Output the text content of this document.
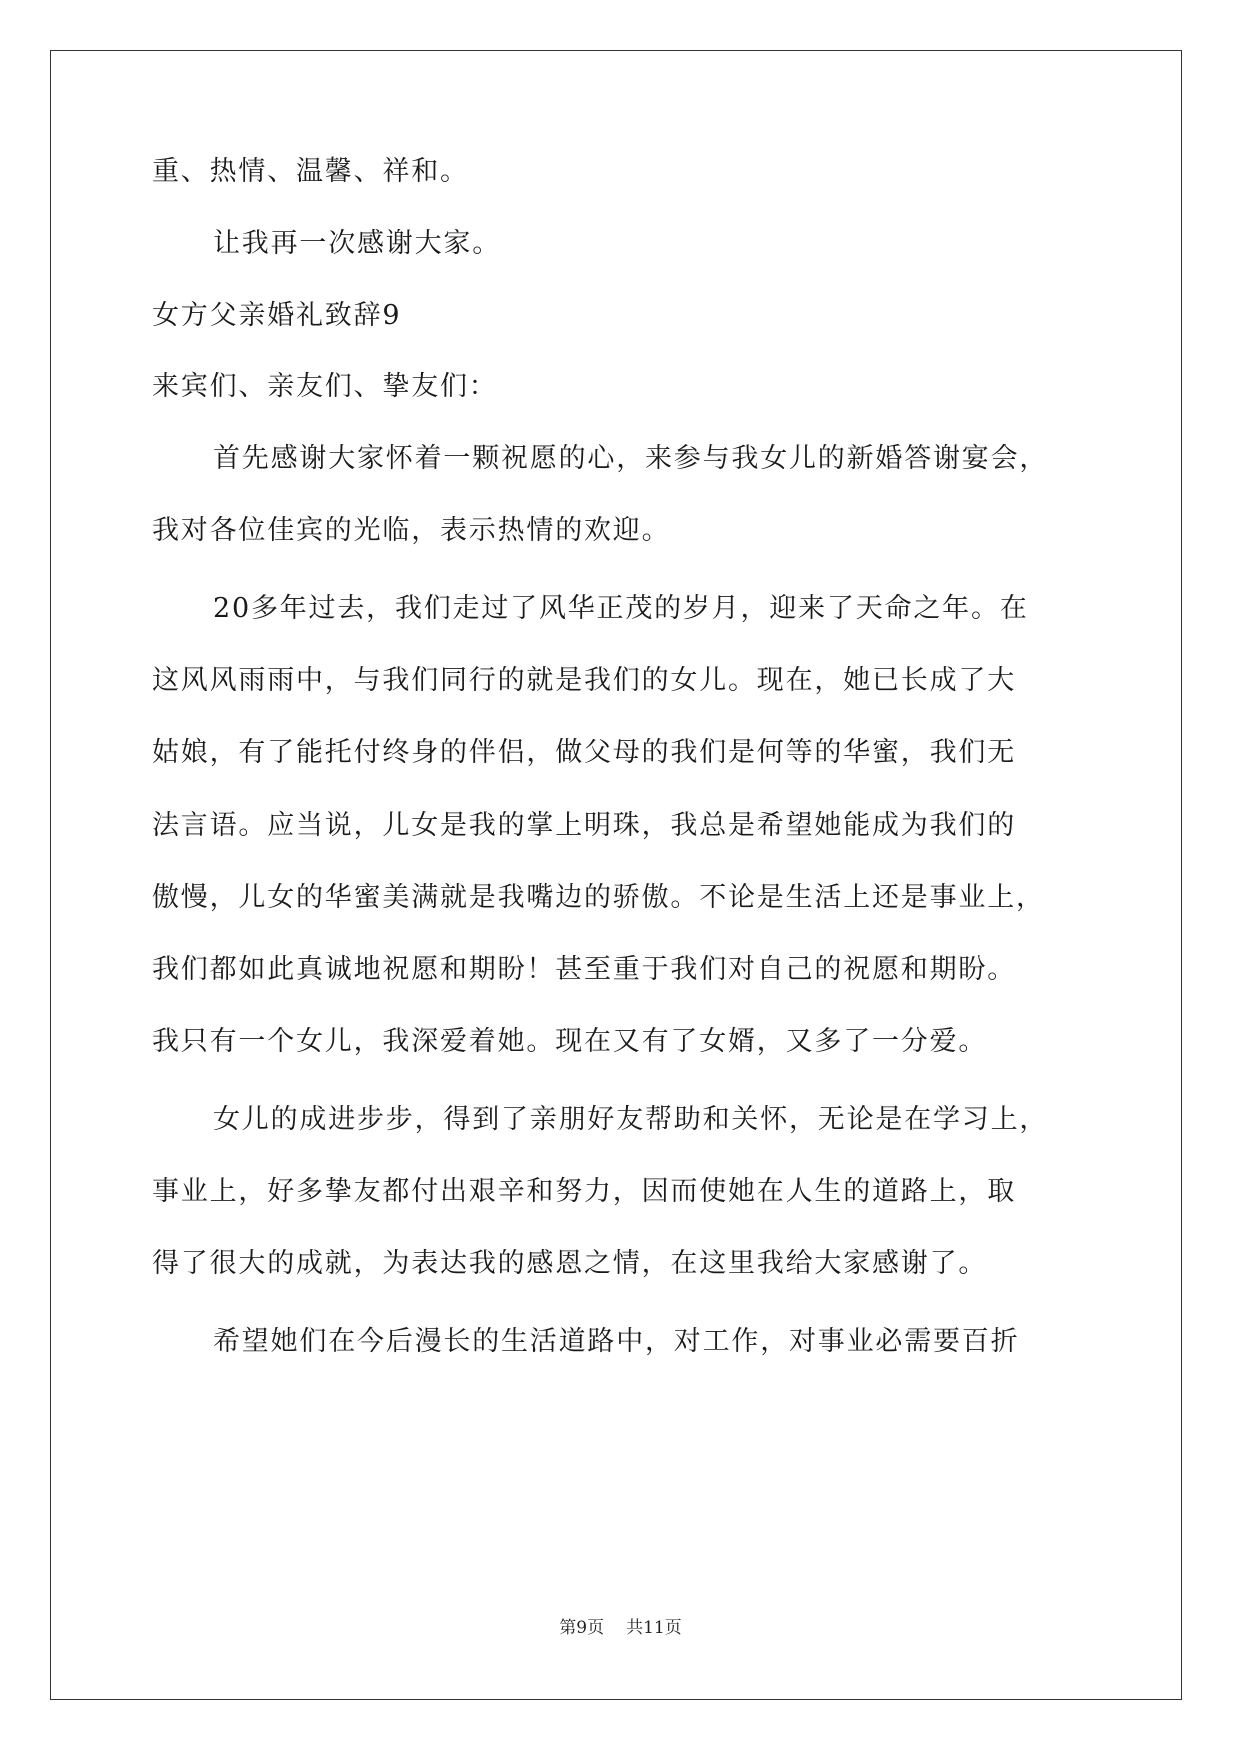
重、热情、温馨、祥和。
让我再一次感谢大家。
女方父亲婚礼致辞9
来宾们、亲友们、挚友们：
首先感谢大家怀着一颗祝愿的心，来参与我女儿的新婚答谢宴会，
我对各位佳宾的光临，表示热情的欢迎。
20多年过去，我们走过了风华正茂的岁月，迎来了天命之年。在
这风风雨雨中，与我们同行的就是我们的女儿。现在，她已长成了大
姑娘，有了能托付终身的伴侣，做父母的我们是何等的华蜜，我们无
法言语。应当说，儿女是我的掌上明珠，我总是希望她能成为我们的
傲慢，儿女的华蜜美满就是我嘴边的骄傲。不论是生活上还是事业上，
我们都如此真诚地祝愿和期盼！甚至重于我们对自己的祝愿和期盼。
我只有一个女儿，我深爱着她。现在又有了女婿，又多了一分爱。
女儿的成进步步，得到了亲朋好友帮助和关怀，无论是在学习上，
事业上，好多挚友都付出艰辛和努力，因而使她在人生的道路上，取
得了很大的成就，为表达我的感恩之情，在这里我给大家感谢了。
希望她们在今后漫长的生活道路中，对工作，对事业必需要百折
第9页 共11页
